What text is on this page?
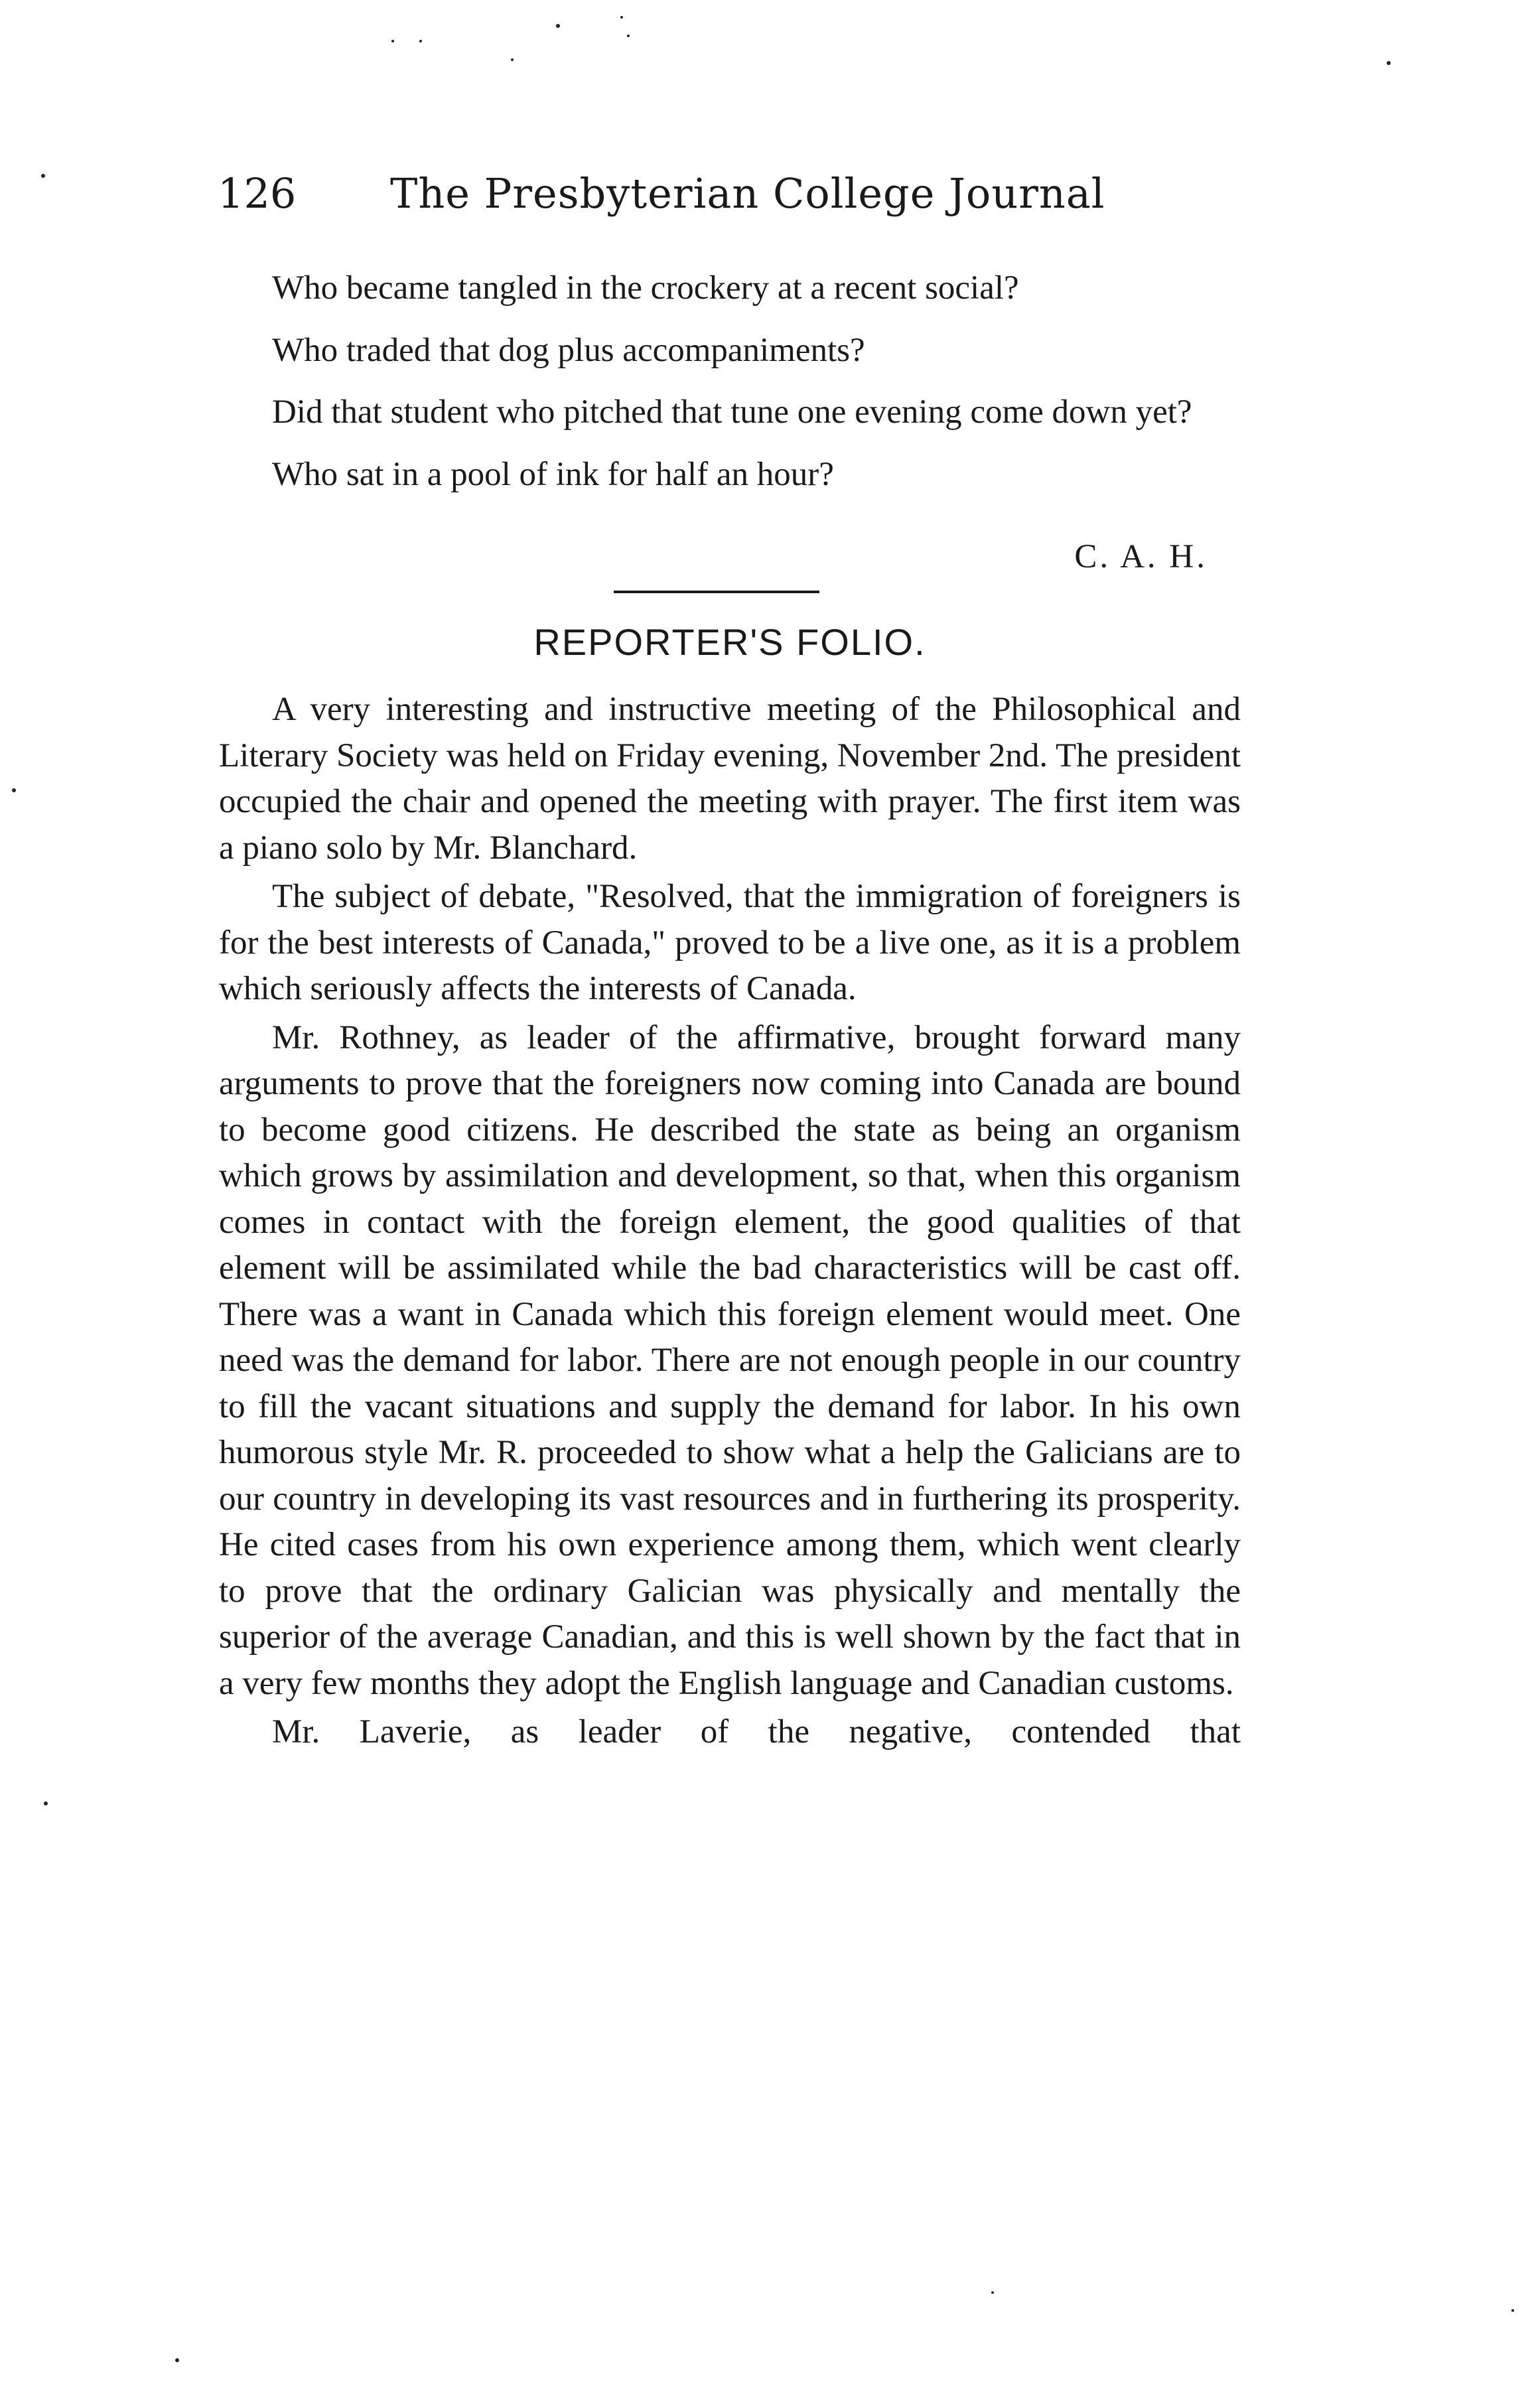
126 The Presbyterian College Journal

Who became tangled in the crockery at a recent social?

Who traded that dog plus accompaniments?

Did that student who pitched that tune one evening come down yet?

Who sat in a pool of ink for half an hour?

C. A. H.
REPORTER'S FOLIO.

A very interesting and instructive meeting of the Philosophical and Literary Society was held on Friday evening, November 2nd. The president occupied the chair and opened the meeting with prayer. The first item was a piano solo by Mr. Blanchard.

The subject of debate, "Resolved, that the immigration of foreigners is for the best interests of Canada," proved to be a live one, as it is a problem which seriously affects the interests of Canada.

Mr. Rothney, as leader of the affirmative, brought forward many arguments to prove that the foreigners now coming into Canada are bound to become good citizens. He described the state as being an organism which grows by assimilation and development, so that, when this organism comes in contact with the foreign element, the good qualities of that element will be assimilated while the bad characteristics will be cast off. There was a want in Canada which this foreign element would meet. One need was the demand for labor. There are not enough people in our country to fill the vacant situations and supply the demand for labor. In his own humorous style Mr. R. proceeded to show what a help the Galicians are to our country in developing its vast resources and in furthering its prosperity. He cited cases from his own experience among them, which went clearly to prove that the ordinary Galician was physically and mentally the superior of the average Canadian, and this is well shown by the fact that in a very few months they adopt the English language and Canadian customs.

Mr. Laverie, as leader of the negative, contended that
